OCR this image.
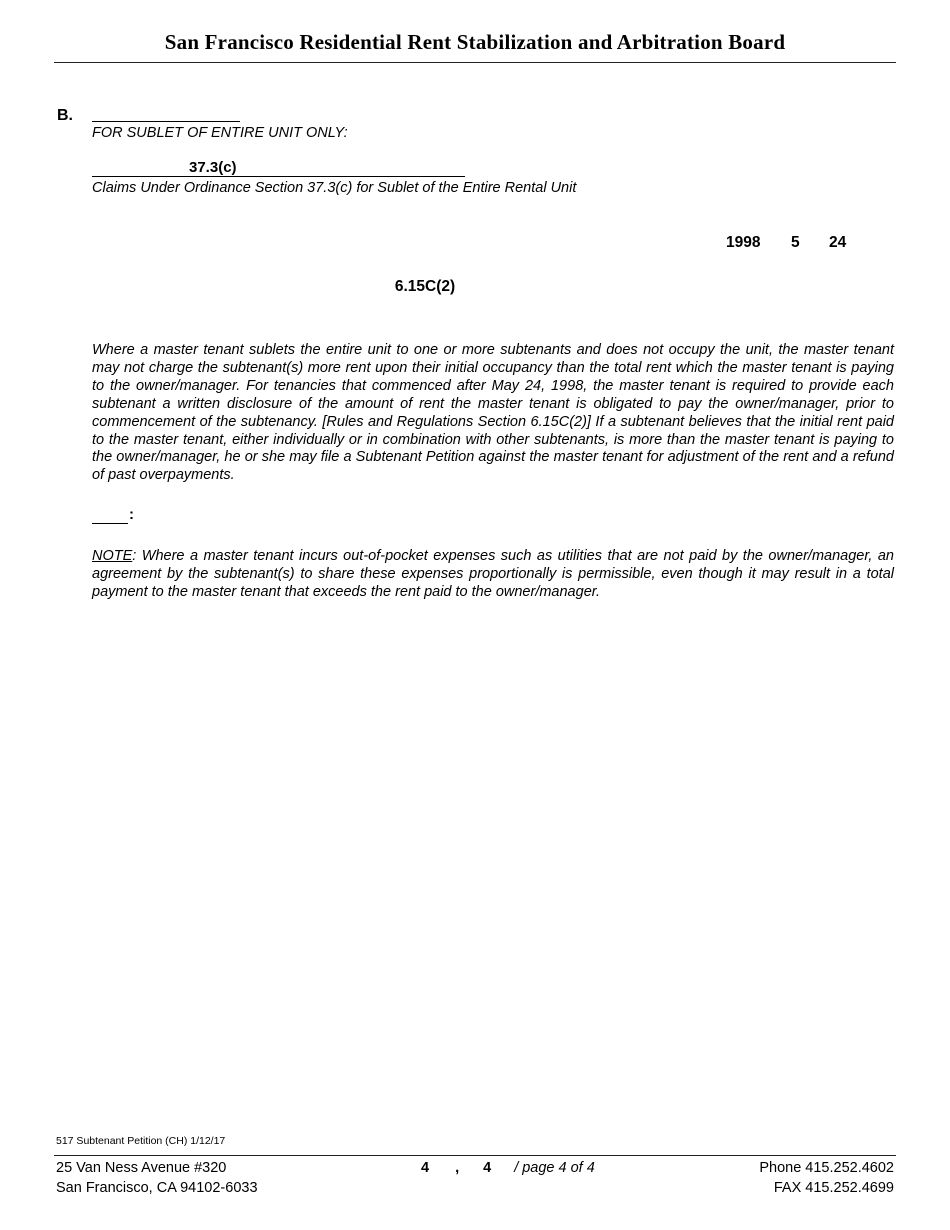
San Francisco Residential Rent Stabilization and Arbitration Board
B.
FOR SUBLET OF ENTIRE UNIT ONLY:
37.3(c)
Claims Under Ordinance Section 37.3(c) for Sublet of the Entire Rental Unit
1998 5 24
6.15C(2)
Where a master tenant sublets the entire unit to one or more subtenants and does not occupy the unit, the master tenant may not charge the subtenant(s) more rent upon their initial occupancy than the total rent which the master tenant is paying to the owner/manager. For tenancies that commenced after May 24, 1998, the master tenant is required to provide each subtenant a written disclosure of the amount of rent the master tenant is obligated to pay the owner/manager, prior to commencement of the subtenancy. [Rules and Regulations Section 6.15C(2)] If a subtenant believes that the initial rent paid to the master tenant, either individually or in combination with other subtenants, is more than the master tenant is paying to the owner/manager, he or she may file a Subtenant Petition against the master tenant for adjustment of the rent and a refund of past overpayments.
:
NOTE: Where a master tenant incurs out-of-pocket expenses such as utilities that are not paid by the owner/manager, an agreement by the subtenant(s) to share these expenses proportionally is permissible, even though it may result in a total payment to the master tenant that exceeds the rent paid to the owner/manager.
517 Subtenant Petition (CH) 1/12/17
25 Van Ness Avenue #320
San Francisco, CA 94102-6033
4 , 4 / page 4 of 4	Phone 415.252.4602
FAX 415.252.4699
